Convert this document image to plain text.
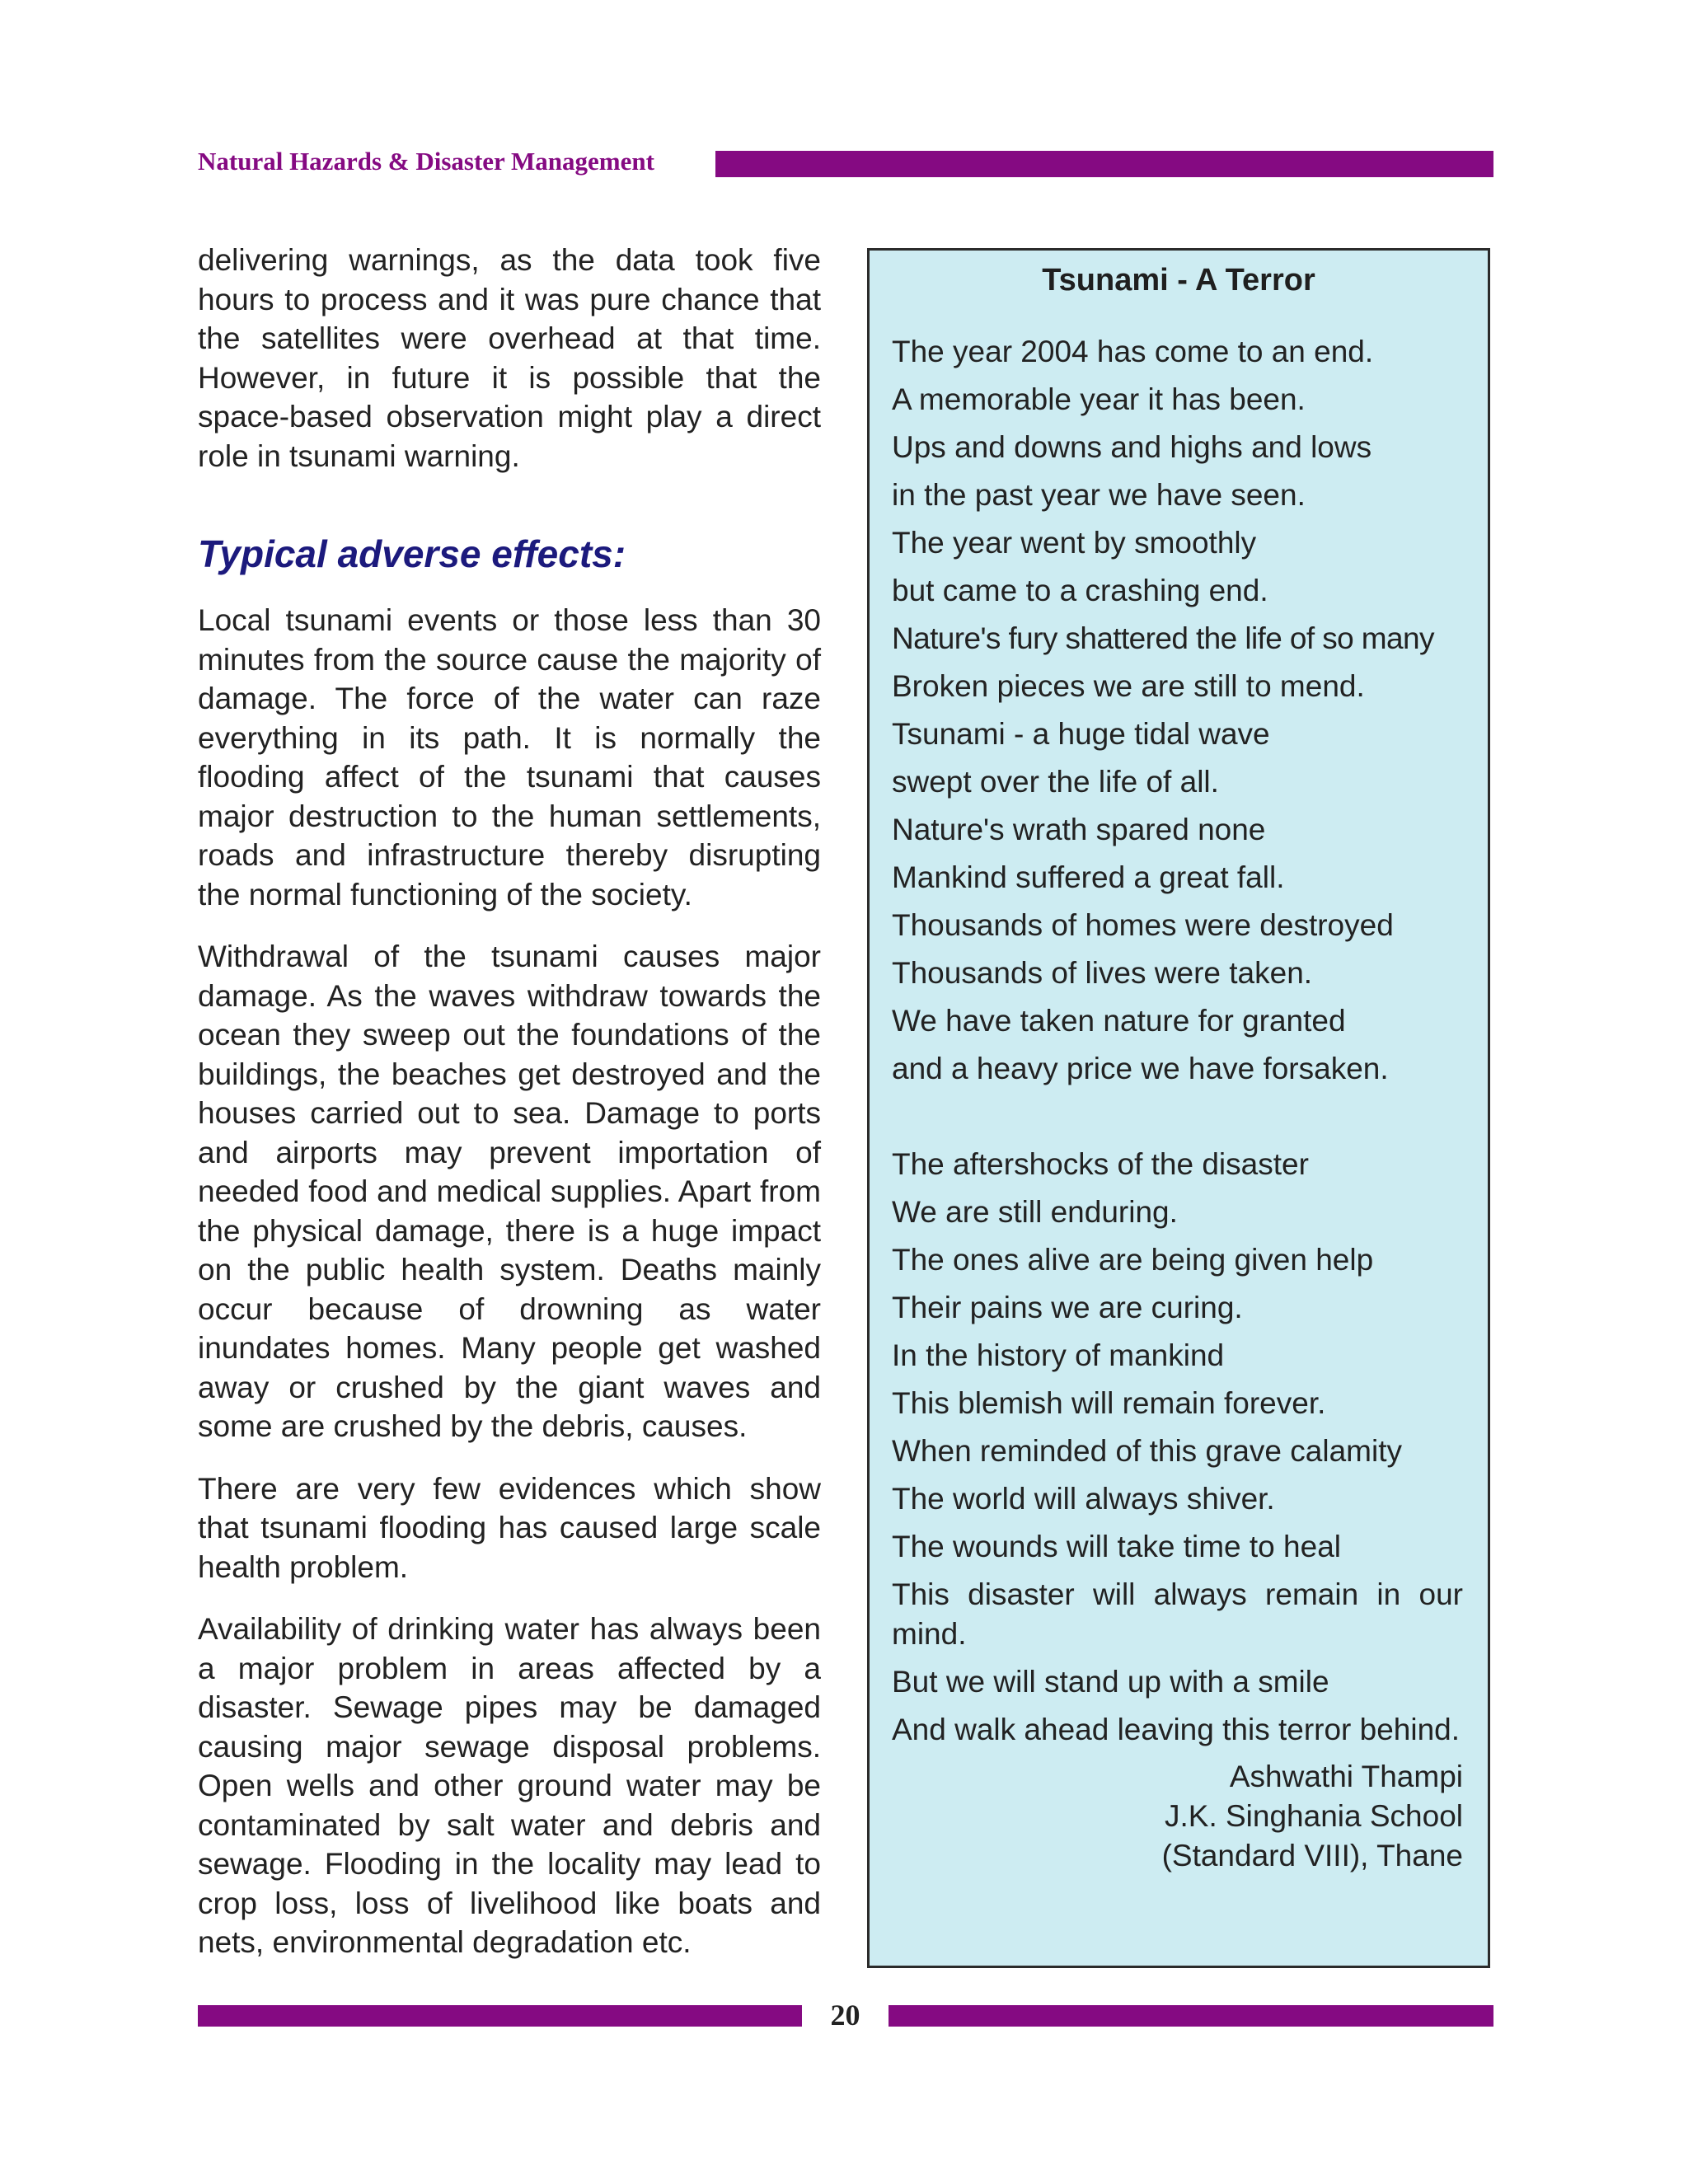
Natural Hazards & Disaster Management

delivering warnings, as the data took five hours to process and it was pure chance that the satellites were overhead at that time. However, in future it is possible that the space-based observation might play a direct role in tsunami warning.

Typical adverse effects:

Local tsunami events or those less than 30 minutes from the source cause the majority of damage. The force of the water can raze everything in its path. It is normally the flooding affect of the tsunami that causes major destruction to the human settlements, roads and infrastructure thereby disrupting the normal functioning of the society.

Withdrawal of the tsunami causes major damage. As the waves withdraw towards the ocean they sweep out the foundations of the buildings, the beaches get destroyed and the houses carried out to sea. Damage to ports and airports may prevent importation of needed food and medical supplies. Apart from the physical damage, there is a huge impact on the public health system. Deaths mainly occur because of drowning as water inundates homes. Many people get washed away or crushed by the giant waves and some are crushed by the debris, causes.

There are very few evidences which show that tsunami flooding has caused large scale health problem.

Availability of drinking water has always been a major problem in areas affected by a disaster. Sewage pipes may be damaged causing major sewage disposal problems. Open wells and other ground water may be contaminated by salt water and debris and sewage. Flooding in the locality may lead to crop loss, loss of livelihood like boats and nets, environmental degradation etc.

Tsunami - A Terror
The year 2004 has come to an end.
A memorable year it has been.
Ups and downs and highs and lows
in the past year we have seen.
The year went by smoothly
but came to a crashing end.
Nature's fury shattered the life of so many
Broken pieces we are still to mend.
Tsunami - a huge tidal wave
swept over the life of all.
Nature's wrath spared none
Mankind suffered a great fall.
Thousands of homes were destroyed
Thousands of lives were taken.
We have taken nature for granted
and a heavy price we have forsaken.
The aftershocks of the disaster
We are still enduring.
The ones alive are being given help
Their pains we are curing.
In the history of mankind
This blemish will remain forever.
When reminded of this grave calamity
The world will always shiver.
The wounds will take time to heal
This disaster will always remain in our mind.
But we will stand up with a smile
And walk ahead leaving this terror behind.
Ashwathi Thampi
J.K. Singhania School
(Standard VIII), Thane
20
